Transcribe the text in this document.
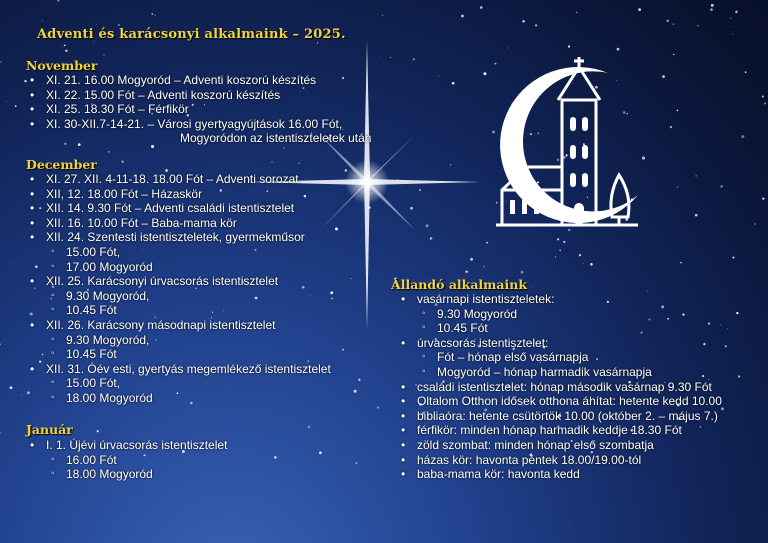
Adventi és karácsonyi alkalmaink – 2025.
November
• XI. 21. 16.00 Mogyoród – Adventi koszorú készítés
• XI. 22. 15.00 Fót – Adventi koszorú készítés
• XI. 25. 18.30 Fót – Férfikör
• XI. 30-XII.7-14-21. – Városi gyertyagyújtások 16.00 Fót,
Mogyoródon az istentiszteletek után
December
• XI. 27. XII. 4-11-18. 18.00 Fót – Adventi sorozat
• XII, 12. 18.00 Fót – Házaskör
• XII. 14. 9.30 Fót – Adventi családi istentisztelet
• XII. 16. 10.00 Fót – Baba-mama kör
• XII. 24. Szentesti istentiszteletek, gyermekműsor
◦ 15.00 Fót,
◦ 17.00 Mogyoród
• XII. 25. Karácsonyi úrvacsorás istentisztelet
◦ 9.30 Mogyoród,
◦ 10.45 Fót
• XII. 26. Karácsony másodnapi istentisztelet
◦ 9.30 Mogyoród,
◦ 10.45 Fót
• XII. 31. Óév esti, gyertyás megemlékező istentisztelet
◦ 15.00 Fót,
◦ 18.00 Mogyoród
Január
• I. 1. Újévi úrvacsorás istentisztelet
◦ 16.00 Fót
◦ 18.00 Mogyoród
Állandó alkalmaink
• vasárnapi istentiszteletek:
◦ 9.30 Mogyoród
◦ 10.45 Fót
• úrvacsorás istentisztelet:
◦ Fót – hónap első vasárnapja
◦ Mogyoród – hónap harmadik vasárnapja
• családi istentisztelet: hónap második vasárnap 9.30 Fót
• Oltalom Otthon idősek otthona áhítat: hetente kedd 10.00
• bibliaóra: hetente csütörtök 10.00 (október 2. – május 7.)
• férfikör: minden hónap harmadik keddje 18.30 Fót
• zöld szombat: minden hónap első szombatja
• házas kör: havonta péntek 18.00/19.00-tól
• baba-mama kör: havonta kedd
